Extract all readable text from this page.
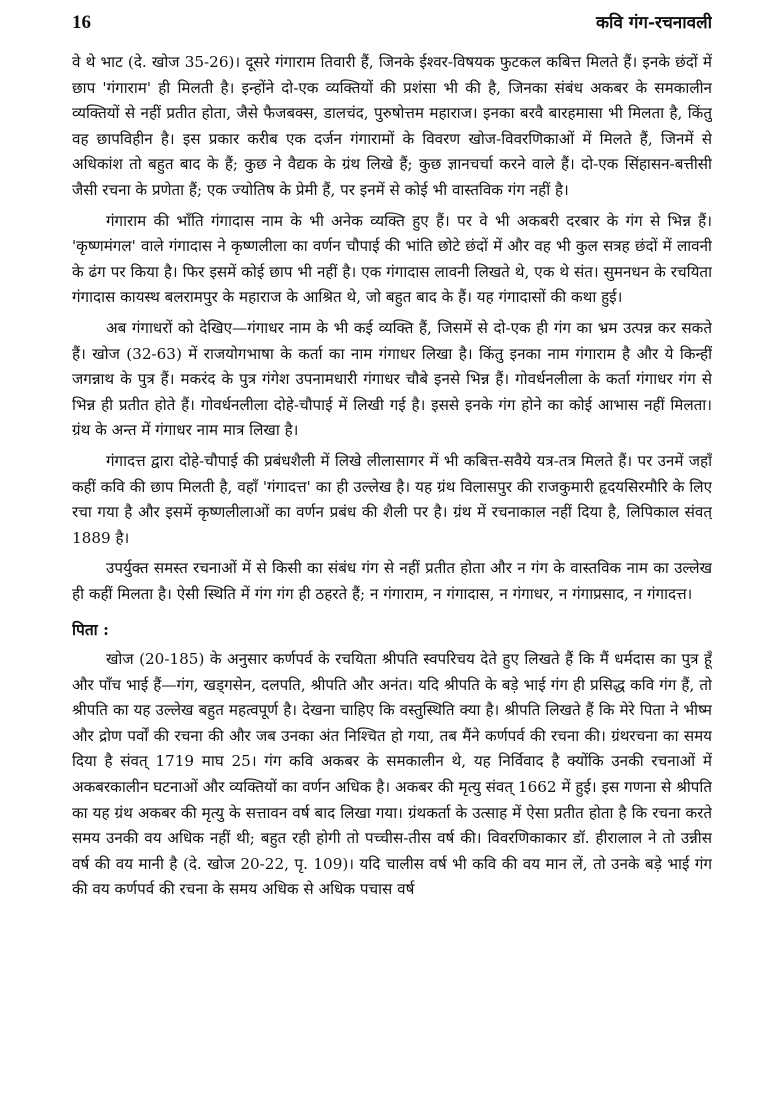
16	कवि गंग-रचनावली

वे थे भाट (दे. खोज 35-26)। दूसरे गंगाराम तिवारी हैं, जिनके ईश्वर-विषयक फुटकल कबित्त मिलते हैं। इनके छंदों में छाप 'गंगाराम' ही मिलती है। इन्होंने दो-एक व्यक्तियों की प्रशंसा भी की है, जिनका संबंध अकबर के समकालीन व्यक्तियों से नहीं प्रतीत होता, जैसे फैजबक्स, डालचंद, पुरुषोत्तम महाराज। इनका बरवै बारहमासा भी मिलता है, किंतु वह छापविहीन है। इस प्रकार करीब एक दर्जन गंगारामों के विवरण खोज-विवरणिकाओं में मिलते हैं, जिनमें से अधिकांश तो बहुत बाद के हैं; कुछ ने वैद्यक के ग्रंथ लिखे हैं; कुछ ज्ञानचर्चा करने वाले हैं। दो-एक सिंहासन-बत्तीसी जैसी रचना के प्रणेता हैं; एक ज्योतिष के प्रेमी हैं, पर इनमें से कोई भी वास्तविक गंग नहीं है।

गंगाराम की भाँति गंगादास नाम के भी अनेक व्यक्ति हुए हैं। पर वे भी अकबरी दरबार के गंग से भिन्न हैं। 'कृष्णमंगल' वाले गंगादास ने कृष्णलीला का वर्णन चौपाई की भांति छोटे छंदों में और वह भी कुल सत्रह छंदों में लावनी के ढंग पर किया है। फिर इसमें कोई छाप भी नहीं है। एक गंगादास लावनी लिखते थे, एक थे संत। सुमनधन के रचयिता गंगादास कायस्थ बलरामपुर के महाराज के आश्रित थे, जो बहुत बाद के हैं। यह गंगादासों की कथा हुई।

अब गंगाधरों को देखिए—गंगाधर नाम के भी कई व्यक्ति हैं, जिसमें से दो-एक ही गंग का भ्रम उत्पन्न कर सकते हैं। खोज (32-63) में राजयोगभाषा के कर्ता का नाम गंगाधर लिखा है। किंतु इनका नाम गंगाराम है और ये किन्हीं जगन्नाथ के पुत्र हैं। मकरंद के पुत्र गंगेश उपनामधारी गंगाधर चौबे इनसे भिन्न हैं। गोवर्धनलीला के कर्ता गंगाधर गंग से भिन्न ही प्रतीत होते हैं। गोवर्धनलीला दोहे-चौपाई में लिखी गई है। इससे इनके गंग होने का कोई आभास नहीं मिलता। ग्रंथ के अन्त में गंगाधर नाम मात्र लिखा है।

गंगादत्त द्वारा दोहे-चौपाई की प्रबंधशैली में लिखे लीलासागर में भी कबित्त-सवैये यत्र-तत्र मिलते हैं। पर उनमें जहाँ कहीं कवि की छाप मिलती है, वहाँ 'गंगादत्त' का ही उल्लेख है। यह ग्रंथ विलासपुर की राजकुमारी हृदयसिरमौरि के लिए रचा गया है और इसमें कृष्णलीलाओं का वर्णन प्रबंध की शैली पर है। ग्रंथ में रचनाकाल नहीं दिया है, लिपिकाल संवत् 1889 है।

उपर्युक्त समस्त रचनाओं में से किसी का संबंध गंग से नहीं प्रतीत होता और न गंग के वास्तविक नाम का उल्लेख ही कहीं मिलता है। ऐसी स्थिति में गंग गंग ही ठहरते हैं; न गंगाराम, न गंगादास, न गंगाधर, न गंगाप्रसाद, न गंगादत्त।

पिता :

खोज (20-185) के अनुसार कर्णपर्व के रचयिता श्रीपति स्वपरिचय देते हुए लिखते हैं कि मैं धर्मदास का पुत्र हूँ और पाँच भाई हैं—गंग, खड्गसेन, दलपति, श्रीपति और अनंत। यदि श्रीपति के बड़े भाई गंग ही प्रसिद्ध कवि गंग हैं, तो श्रीपति का यह उल्लेख बहुत महत्वपूर्ण है। देखना चाहिए कि वस्तुस्थिति क्या है। श्रीपति लिखते हैं कि मेरे पिता ने भीष्म और द्रोण पर्वों की रचना की और जब उनका अंत निश्चित हो गया, तब मैंने कर्णपर्व की रचना की। ग्रंथरचना का समय दिया है संवत् 1719 माघ 25। गंग कवि अकबर के समकालीन थे, यह निर्विवाद है क्योंकि उनकी रचनाओं में अकबरकालीन घटनाओं और व्यक्तियों का वर्णन अधिक है। अकबर की मृत्यु संवत् 1662 में हुई। इस गणना से श्रीपति का यह ग्रंथ अकबर की मृत्यु के सत्तावन वर्ष बाद लिखा गया। ग्रंथकर्ता के उत्साह में ऐसा प्रतीत होता है कि रचना करते समय उनकी वय अधिक नहीं थी; बहुत रही होगी तो पच्चीस-तीस वर्ष की। विवरणिकाकार डॉ. हीरालाल ने तो उन्नीस वर्ष की वय मानी है (दे. खोज 20-22, पृ. 109)। यदि चालीस वर्ष भी कवि की वय मान लें, तो उनके बड़े भाई गंग की वय कर्णपर्व की रचना के समय अधिक से अधिक पचास वर्ष
